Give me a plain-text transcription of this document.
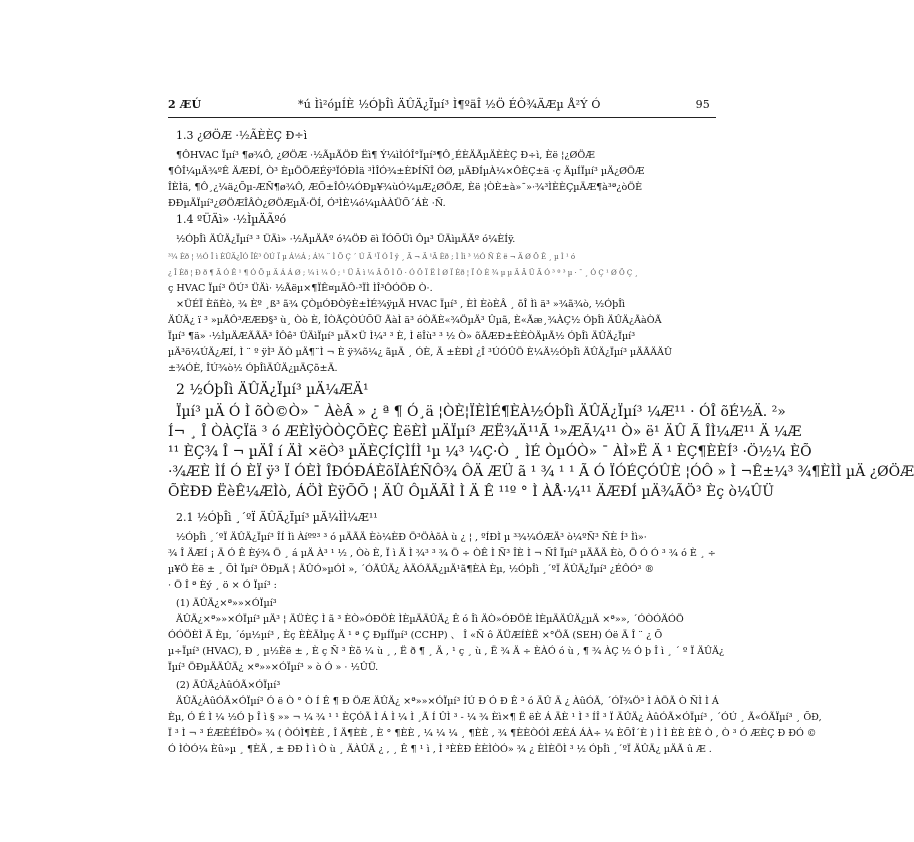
2 ÆÚ	*ú Ìì²óµÍÈ ½ÓþÎì ÄÛÄ¿Ïµí³ Ì¶ºäÎ ½Ö ÉÔ¾ÄÆµ Å²Ý Ó	95
1.3 ¿ØÖÆ ·½ÃÈÈÇ Ð÷ì
¶ÔHVAC Ïµí³ ¶ø¾Ô, ¿ØÖÆ ·½ÃµÃÖÐ Ëì¶ Ý¼ìÌÓÎ°Ïµí³¶Ô¸ÉÈÄÃµÄÈÈÇ Ð÷ì, Èë ¦¿ØÖÆ
¶ÔÎ¼µÄ¾ºÊ ÄÆÐÍ, Ò³ ÈµÖÖÆÉÿ³ÏÓÐÌä ³ÌÎÓ¾±ÈÞÍÑÎ ÒØ, µÄÐÍµÀ¼×ÔÈÇ±ä ·ç ÄµÍÏµí³ µÄ¿ØÖÆ
ÎÈÌä, ¶Ô¸¿¼ä¿Õµ-ÆÑ¶ø¾Ô, ÆÕ±ÎÔ¼ÓÐµ¥¾ùÓ¼µÆ¿ØÖÆ, Èë ¦ÒÈ±à»¯»·¾³ÌÈÈÇµÄÆ¶à³ª¿òÖÈ
ÐÐµÄÏµí³¿ØÖÆÎÂÒ¿ØÖÆµÄ·ÖÍ, Ó³ÌÈ¼ó¼µÀÀÜÕ´ÁÈ ·Ñ.
1.4 ºÜÄì» ·½ÌµÄÃºó
½ÓþÎì ÄÛÄ¿Ïµí³ ³ ÜÄì» ·½ÃµÄÃº ó¼ÖÐ ëì ÏÓÕÜì Ôµ³ ÜÄìµÄÃº ó¼ÈÍÿ.
³¼ Èð ¦ ½Ó Î ì ÈÛÄ¿ÏÓ ÏÈ³ ÒÚ Ï µ Á½Á ; Á¼ ¨ Ì Õ Ç ´ Ú Ã ¹Ï Ó Î ÿ ¸ Ã ¬ Ä ¹Ã Èð ; Ì Ìì ³ ½Ó Ñ É ë ¬ Ä Ø Ö Ê ¸ µ Ì ¹ ó
¿ Î Èð ¦ Ð ð ¶ Ã Ó Ê ¹ ¶ Ó Õ µ Ä Á Á Ø ; ¼ ì ¼ Ó ; ¹ Ü Ä ì ¼ Ä Õ Ì Õ · Ó Ö Ï Ë Ì Ø Ï Èð ¦ Ï Ò È ¾ µ µ Ä Ä Ü Ã Ó ³ º ³ µ · ¯ ¸ Ó Ç ¹ Ø Ö Ç ¸
ç HVAC Ïµí³ ÖÚ³ ÜÄì· ½Ãëµ×¶ÏÊ¤µÄÔ·³ÏÌ ÌÎ³ÔÓÖÐ Ò·.
×ÜÉÏ ÈñÈò, ¾ Èº ¸ß³ ã¾ ÇÒµÓÐÒÿÈ±ÌÉ¾ÿµÄ HVAC Ïµí³ , ÈÌ ÈòÈÂ ¸ õÎ Ìì ä³ »¾ã¾ò, ½ÓþÎì
ÄÛÄ¿ ï ³ »µÃÔ³ÆÆÐ§³ ù¸ Òò È, ÎÒÃÇÒÚÕÜ ÃàÌ ä³ óÒÃÈ«¾ÖµÄ³ Ûµã, È«Ãæ¸¾ÀÇ½ ÓþÎì ÄÛÄ¿ÃàÒÃ
Ïµí³ ¶ä» ·½ÌµÄÆÃÃÄ³ ÎÔê³ ÜÄìÏµí³ µÄ×Ü Ì¼³ ³ È, Ì ëÎù³ ³ ½ Ò» õÃÆÐ±ÈÈÒÄµÃ½ ÓþÎì ÄÛÄ¿Ïµí³
µÄ³ö¼ÚÄ¿ÆÍ, Ì ¨ º ÿÌ³ ÄÒ µÄ¶¨Ì ¬ È ÿ¾õ¼¿ ãµÄ ¸ ÓÈ, Ä ±ÈÐÌ ¿Î ³ÚÓÛÖ È¼Ä½ÓþÎì ÄÛÄ¿Ïµí³ µÄÃÄÄÛ
±¾ÓÈ, ÎÚ¾ò½ ÓþÎìÄÛÄ¿µÄÇõ±Ä.
2 ½ÓþÎì ÄÛÄ¿Ïµí³ µÄ¼ÆÄ¹
Ïµí³ µÄ Ó Ì õÒ©Ò» ¯ ÀèÂ » ¿ ª ¶ Ó¸ä ¦ÒÈ¦ÏÈÌÉ¶ÈÀ½ÓþÎì ÄÛÄ¿Ïµí³ ¼Æ¹¹ · ÓÎ õÉ½Ä. ²»
Í¬ ¸ Î ÒÀÇÏä ³ ó ÆÈÌÿÒÒÇÕÈÇ ÈëÈÌ µÄÏµí³ ÆË¾Ä¹¹Ã ¹»ÆÃ¼¹¹ Ò» ë¹ ÄÛ Ã ÎÌ¼Æ¹¹ Ä ¼Æ
¹¹ ÈÇ¾ Î ¬ µÄÎ í ÄÌ ×ëÒ³ µÄÈÇÍÇÌÍÌ ¹µ ¼³ ¼Ç·Ò ¸ ÌÉ ÒµÓÒ» ¯ ÀÌ»Ë Ä ¹ ÈÇ¶ÈÈÍ³ ·Ö½¼ ÈÕ
·¾ÆÈ ÌÍ Ó ÈÏ ÿ³ Ï ÓÈÌ ÎÐÓÐÁÈõÏÀÉÑÔ¾ ÔÄ ÆÜ ã ¹ ¾ ¹ ¹ Ã Ó ÏÓÉÇÓÛÈ ¦ÓÔ » Ì ¬Ê±¼³ ¾¶ÈÌÌ µÄ ¿ØÖÆ
ÕÈÐÐ ËèÊ¼ÆÌò, ÁÖÌ ÈÿÕÕ ¦ ÄÛ ÔµÄÃÌ Ì Ä Ê ¹¹º ° Ì ÀÅ·¼¹¹ ÄÆÐÍ µÄ¾ÃÖ³ Èç ò¼ÛÜ
2.1 ½ÓþÎì ¸´ºÏ ÄÛÄ¿Ïµí³ µÄ¼ÌÌ¼Æ¹¹
½ÓþÎì ¸´ºÏ ÄÛÄ¿Ïµí³ ÎÍ Ìì Àíºº³ ³ ó µÄÃÄ Èò¼ÈÐ Ö³ÖÀõÀ ù ¿ ¦ , ºÍÐÌ µ ³¾¼ÓÆÄ³ ò¼ºÑ³ ÑÈ Í³ Ìì»·
¾ Î ÄÆÍ ¡ Ä Ó Ê Èý¾ Ö ¸ á µÄ À³ ¹ ½ , Òò È, Ï ì Ä Ì ¾³ ³ ¾ Ö ÷ ÒÊ Ì Ñ³ ÎÈ Ì ¬ ÑÎ Ïµí³ µÄÃÄ Èò, Ö Ó Ó ³ ¾ ó È ¸ ÷
µ¥Ö Èë ± ¸ ÕÌ Ïµí³ ÖÐµÃ ¦ ÄÛÓ»µÓÌ », ´ÓÃÛÄ¿ ÀÄÓÃÄ¿µÄ¹ã¶ÈÀ Èµ, ½ÓþÎì ¸´ºÏ ÄÛÄ¿Ïµí³ ¿ÉÔÓ³ ®
· Ö Î ª Èý ¸ ö × Ó Ïµí³ :
(1) ÄÛÄ¿×ª»»×ÓÏµí³
ÄÛÄ¿×ª»»×ÓÏµí³ µÄ³ ¦ ÄÜÈÇ Ì ã ³ ÈÒ»ÓÐÖÈ ÌÈµÄÄÛÄ¿ Ê ó Îì ÄÒ»ÓÐÖÈ ÌÈµÄÄÛÄ¿µÄ ×ª»», ´ÓÒÓÄÓÖ
ÓÓÖÈÌ Ä Èµ, ´óµ½µí³ , Èç ÈÈÄÌµç Ä ¹ ª Ç ÐµÍÏµí³ (CCHP) 、 Î «Ñ ô ÄÜÆÍÈË ×°ÖÃ (SEH) Óë Ä Î ¨ ¿ Õ
µ÷Ïµí³ (HVAC), Ð ¸ µ½Èë ± , È ç Ñ ³ Èõ ¼ ù ¸ , Ë ð ¶ ¸ Ä , ¹ ç ¸ ù , Ë ¾ Ä ÷ ÈÀÓ ó ù , ¶ ¾ ÀÇ ½ Ó þ Î ì ¸ ´ º Ï ÄÛÄ¿
Ïµí³ ÖÐµÄÄÛÄ¿ ×ª»»×ÓÏµí³ » ò Ó » · ½ÛÜ.
(2) ÄÛÄ¿ÀûÓÃ×ÓÏµí³
ÄÛÄ¿ÀûÓÃ×ÓÏµí³ Ó ë Ò ° Ò Í Ê ¶ Ð ÖÆ ÄÛÄ¿ ×ª»»×ÓÏµí³ ÍÚ Ð Ó Ð Ê ³ ó ÄÛ Ä ¿ ÀûÓÃ, ´ÓÏ¾Ö³ Ì ÀÖÃ Ò ÑÌ Ì Á
Èµ, Ó É Ì ¼ ½Ó þ Î ì § »» ¬ ¼ ¾ ¹ ¹ ÈÇÓÃ Ì Á Ì ¼ Ì ¸Ã Í ÛÌ ³ - ¼ ¾ Èì×¶ Ë ëÈ Á ÄÈ ¹ Ì ³ ÍÎ ³ Ï ÄÛÄ¿ ÀûÓÃ×ÓÏµí³ , ´ÓÚ ¸ Ã«ÓÃÏµí³ ¸ ÕÐ,
Ï ³ Ì ¬ ³ ÉÆÈÉÎÐÒ» ¾ ( ÒÓÌ¶ÈÈ , Î Ä¶ÈÈ , È ° ¶ÈÈ , ¼ ¼ ¼ ¸ ¶ÈÈ , ¾ ¶ÈÈÒÓÌ ÆÈÁ ÁÀ÷ ¼ ÈÕÎ´È ) Ì Ì ÈÈ ÈÈ Ò , Ò ³ Ó ÆÈÇ Ð ÐÓ ©
Ó ÌÒÓ¼ Èû»µ ¸ ¶ÈÄ , ± ÐÐ Ì ì Ò ù ¸ ÄÀÛÄ ¿ , ¸ Ê ¶ ¹ ì , Ì ³ÈÈÐ ÈÈÌÒÓ» ¾ ¿ ÈÌÈÖÌ ³ ½ ÓþÎì ¸´ºÏ ÄÛÄ¿ µÄÃ û Æ .
